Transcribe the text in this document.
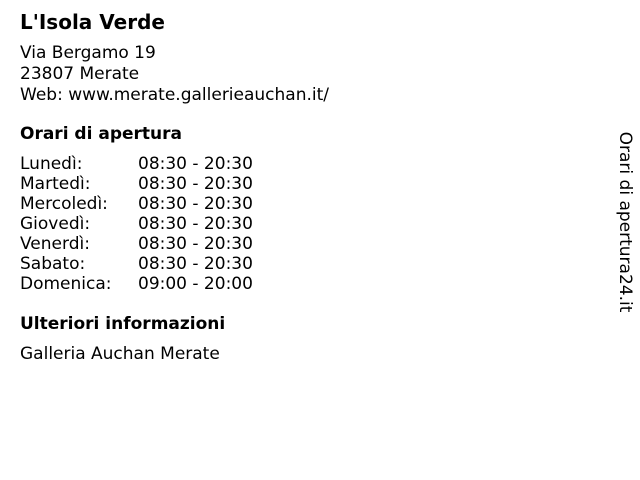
L'Isola Verde
Via Bergamo 19
23807 Merate
Web: www.merate.gallerieauchan.it/
Orari di apertura
Lunedì:	08:30 - 20:30
Martedì:	08:30 - 20:30
Mercoledì: 08:30 - 20:30
Giovedì:	08:30 - 20:30
Venerdì:	08:30 - 20:30
Sabato:	08:30 - 20:30
Domenica: 09:00 - 20:00
Ulteriori informazioni
Galleria Auchan Merate
Orari di apertura24.it
